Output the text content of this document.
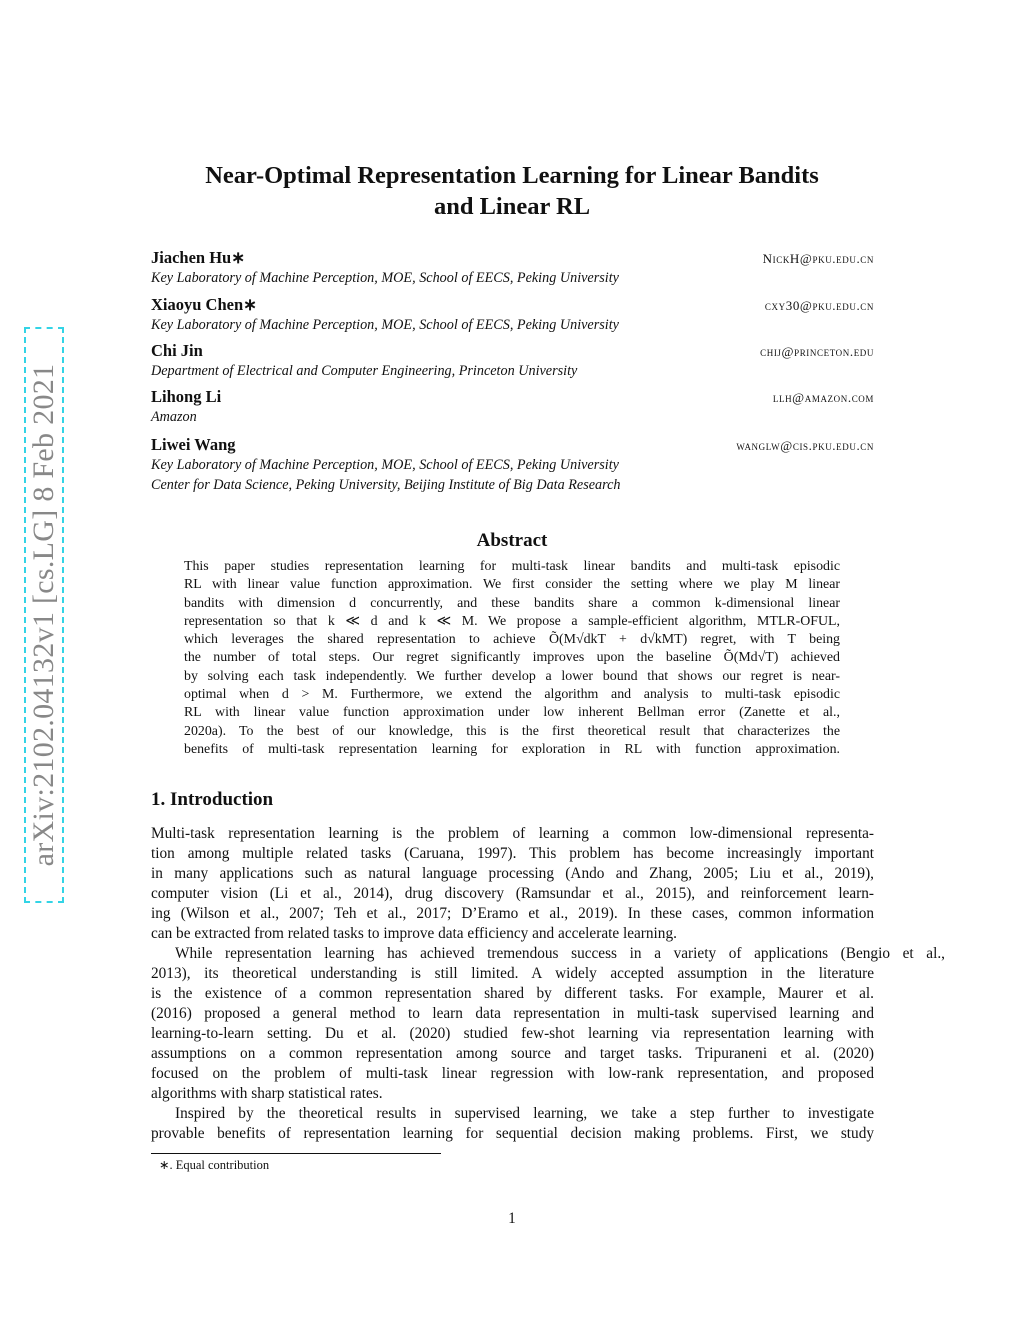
arXiv:2102.04132v1 [cs.LG] 8 Feb 2021
Near-Optimal Representation Learning for Linear Bandits
and Linear RL
Jiachen Hu∗	NickH@pku.edu.cn
Key Laboratory of Machine Perception, MOE, School of EECS, Peking University
Xiaoyu Chen∗	cxy30@pku.edu.cn
Key Laboratory of Machine Perception, MOE, School of EECS, Peking University
Chi Jin	chij@princeton.edu
Department of Electrical and Computer Engineering, Princeton University
Lihong Li	llh@amazon.com
Amazon
Liwei Wang	wanglw@cis.pku.edu.cn
Key Laboratory of Machine Perception, MOE, School of EECS, Peking University
Center for Data Science, Peking University, Beijing Institute of Big Data Research
Abstract
This paper studies representation learning for multi-task linear bandits and multi-task episodic
RL with linear value function approximation. We first consider the setting where we play M linear
bandits with dimension d concurrently, and these bandits share a common k-dimensional linear
representation so that k ≪ d and k ≪ M. We propose a sample-efficient algorithm, MTLR-OFUL,
which leverages the shared representation to achieve Õ(M√dkT + d√kMT) regret, with T being
the number of total steps. Our regret significantly improves upon the baseline Õ(Md√T) achieved
by solving each task independently. We further develop a lower bound that shows our regret is near-
optimal when d > M. Furthermore, we extend the algorithm and analysis to multi-task episodic
RL with linear value function approximation under low inherent Bellman error (Zanette et al.,
2020a). To the best of our knowledge, this is the first theoretical result that characterizes the
benefits of multi-task representation learning for exploration in RL with function approximation.
1. Introduction
Multi-task representation learning is the problem of learning a common low-dimensional representa-
tion among multiple related tasks (Caruana, 1997). This problem has become increasingly important
in many applications such as natural language processing (Ando and Zhang, 2005; Liu et al., 2019),
computer vision (Li et al., 2014), drug discovery (Ramsundar et al., 2015), and reinforcement learn-
ing (Wilson et al., 2007; Teh et al., 2017; D’Eramo et al., 2019). In these cases, common information
can be extracted from related tasks to improve data efficiency and accelerate learning.
While representation learning has achieved tremendous success in a variety of applications (Bengio et al.,
2013), its theoretical understanding is still limited. A widely accepted assumption in the literature
is the existence of a common representation shared by different tasks. For example, Maurer et al.
(2016) proposed a general method to learn data representation in multi-task supervised learning and
learning-to-learn setting. Du et al. (2020) studied few-shot learning via representation learning with
assumptions on a common representation among source and target tasks. Tripuraneni et al. (2020)
focused on the problem of multi-task linear regression with low-rank representation, and proposed
algorithms with sharp statistical rates.
Inspired by the theoretical results in supervised learning, we take a step further to investigate
provable benefits of representation learning for sequential decision making problems. First, we study
∗. Equal contribution
1
